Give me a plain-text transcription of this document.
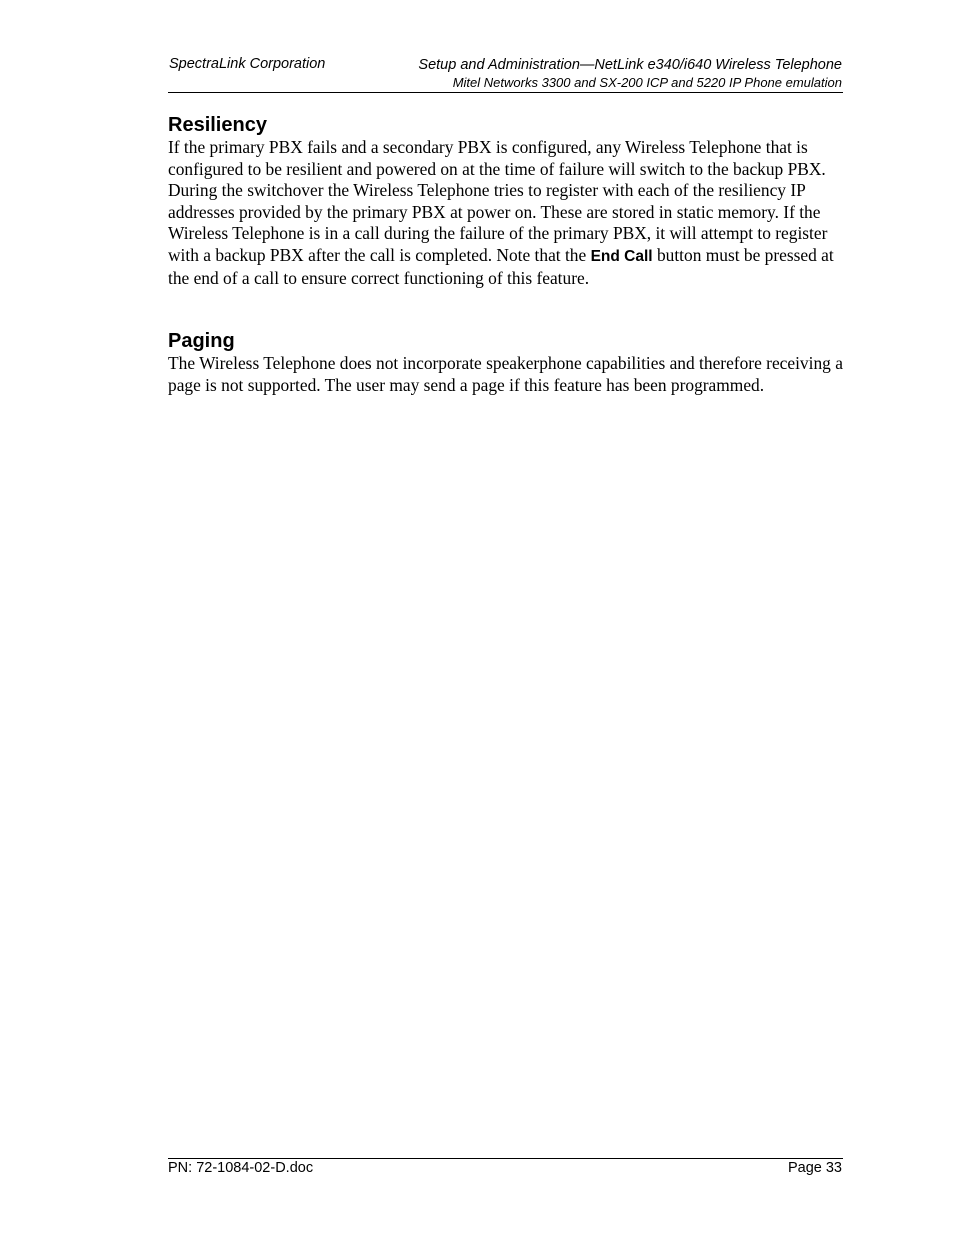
SpectraLink Corporation	Setup and Administration—NetLink e340/i640 Wireless Telephone
Mitel Networks 3300 and SX-200 ICP and 5220 IP Phone emulation
Resiliency

If the primary PBX fails and a secondary PBX is configured, any Wireless Telephone that is configured to be resilient and powered on at the time of failure will switch to the backup PBX. During the switchover the Wireless Telephone tries to register with each of the resiliency IP addresses provided by the primary PBX at power on. These are stored in static memory. If the Wireless Telephone is in a call during the failure of the primary PBX, it will attempt to register with a backup PBX after the call is completed. Note that the End Call button must be pressed at the end of a call to ensure correct functioning of this feature.

Paging

The Wireless Telephone does not incorporate speakerphone capabilities and therefore receiving a page is not supported. The user may send a page if this feature has been programmed.

PN: 72-1084-02-D.doc	Page 33
